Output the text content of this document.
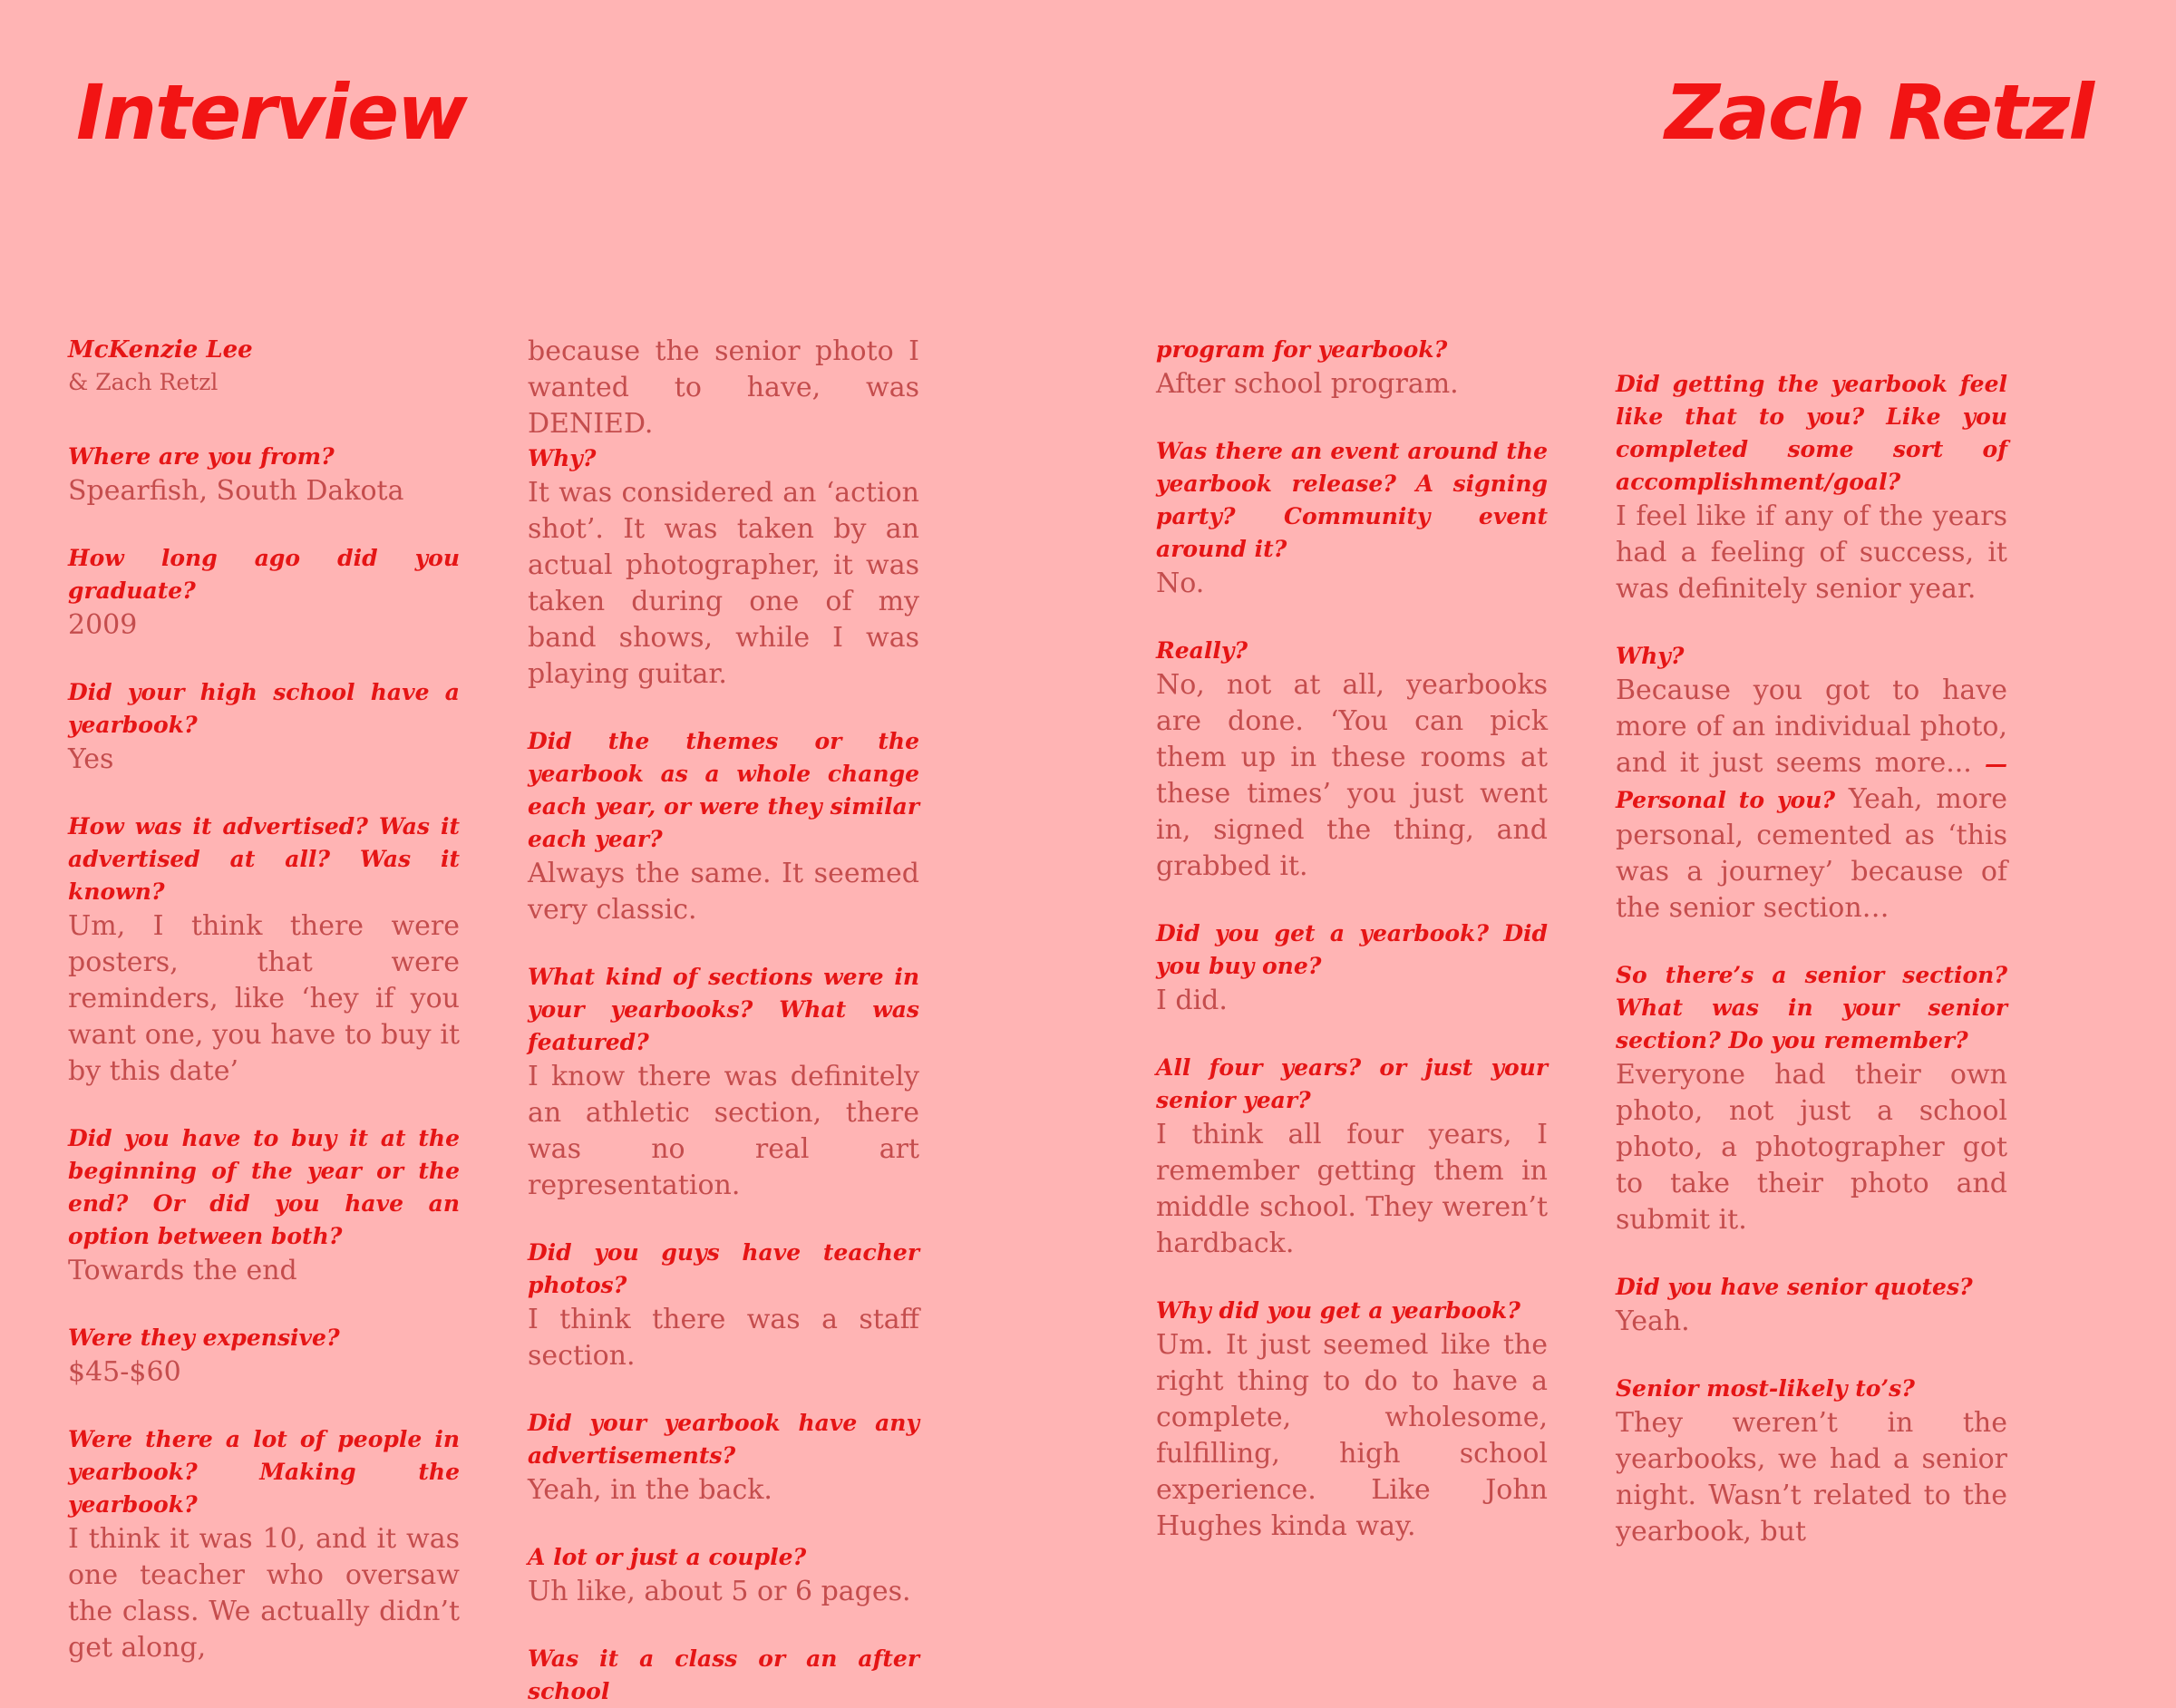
Interview	Zach Retzl
McKenzie Lee
& Zach Retzl

Where are you from?

Spearfish, South Dakota

How long ago did you graduate?

2009

Did your high school have a yearbook?

Yes

How was it advertised? Was it advertised at all? Was it known?

Um, I think there were posters, that were reminders, like ‘hey if you want one, you have to buy it by this date’

Did you have to buy it at the beginning of the year or the end? Or did you have an option between both?

Towards the end

Were they expensive?

$45-$60

Were there a lot of people in yearbook? Making the yearbook?

I think it was 10, and it was one teacher who oversaw the class. We actually didn’t get along,

because the senior photo I wanted to have, was DENIED.

Why?

It was considered an ‘action shot’. It was taken by an actual photographer, it was taken during one of my band shows, while I was playing guitar.

Did the themes or the yearbook as a whole change each year, or were they similar each year?

Always the same. It seemed very classic.

What kind of sections were in your yearbooks? What was featured?

I know there was definitely an athletic section, there was no real art representation.

Did you guys have teacher photos?

I think there was a staff section.

Did your yearbook have any advertisements?

Yeah, in the back.

A lot or just a couple?

Uh like, about 5 or 6 pages.

Was it a class or an after school

program for yearbook?

After school program.

Was there an event around the yearbook release? A signing party? Community event around it?

No.

Really?

No, not at all, yearbooks are done. ‘You can pick them up in these rooms at these times’ you just went in, signed the thing, and grabbed it.

Did you get a yearbook? Did you buy one?

I did.

All four years? or just your senior year?

I think all four years, I remember getting them in middle school. They weren’t hardback.

Why did you get a yearbook?

Um. It just seemed like the right thing to do to have a complete, wholesome, fulfilling, high school experience. Like John Hughes kinda way.

Did getting the yearbook feel like that to you? Like you completed some sort of accomplishment/goal?

I feel like if any of the years had a feeling of success, it was definitely senior year.

Why?

Because you got to have more of an individual photo, and it just seems more... —Personal to you? Yeah, more personal, cemented as ‘this was a journey’ because of the senior section…

So there’s a senior section? What was in your senior section? Do you remember?

Everyone had their own photo, not just a school photo, a photographer got to take their photo and submit it.

Did you have senior quotes?

Yeah.

Senior most-likely to’s?

They weren’t in the yearbooks, we had a senior night. Wasn’t related to the yearbook, but
